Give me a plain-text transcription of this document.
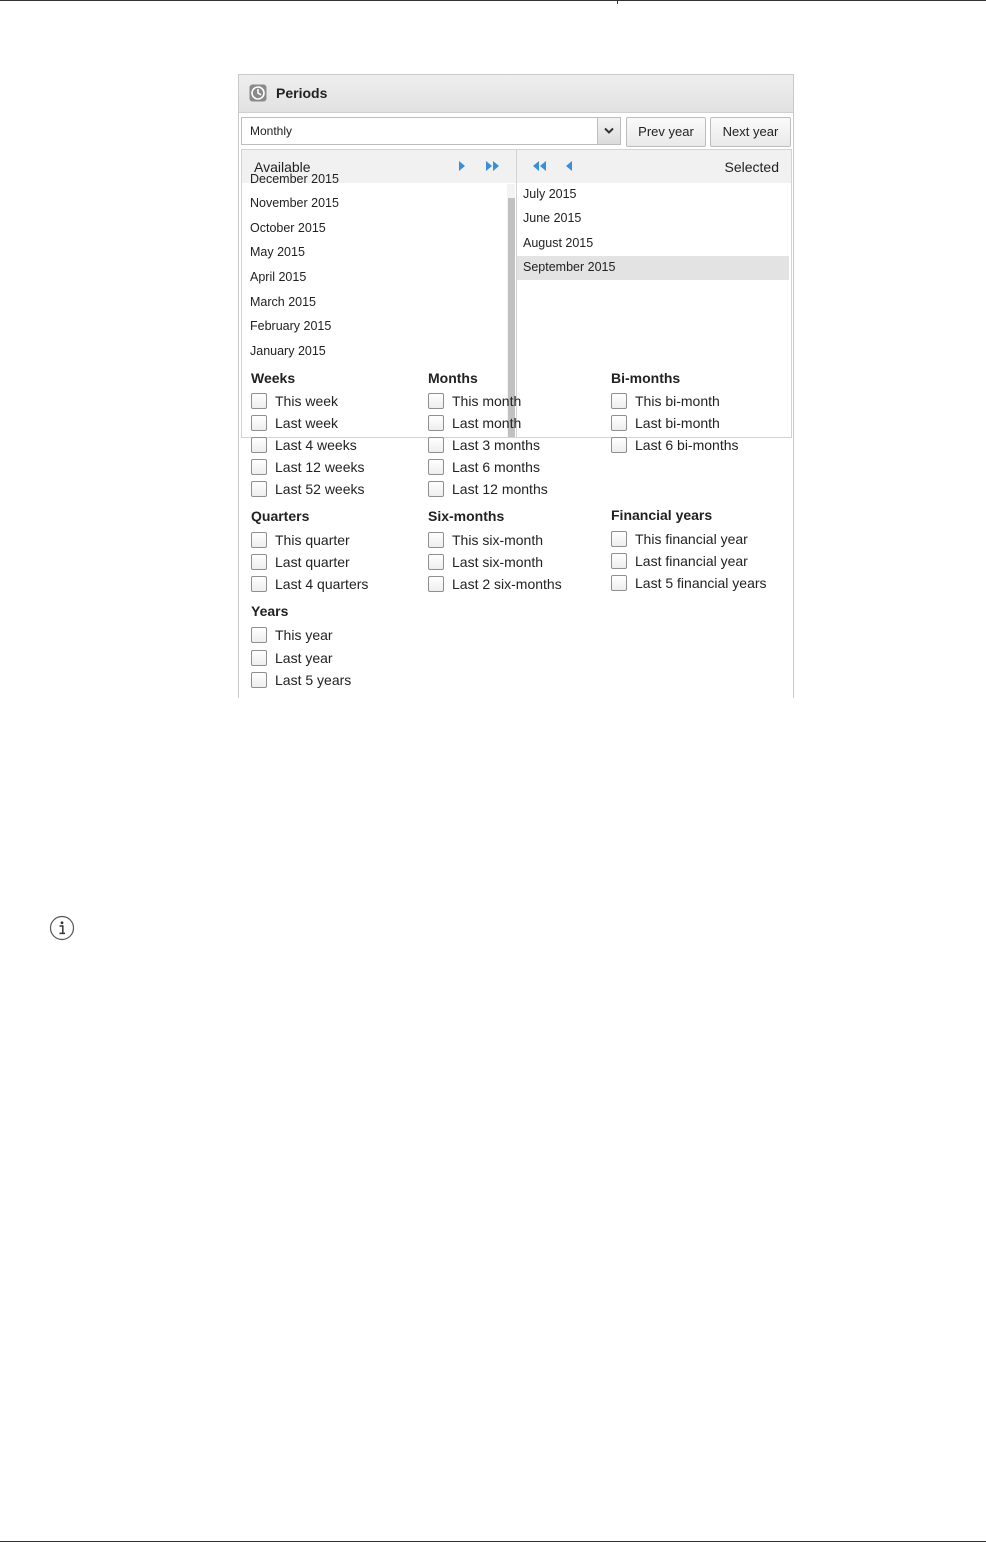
Periods
Monthly	Prev year	Next year
Available
December 2015
November 2015
October 2015
May 2015
April 2015
March 2015
February 2015
January 2015
Selected
July 2015
June 2015
August 2015
September 2015
Weeks
This week
Last week
Last 4 weeks
Last 12 weeks
Last 52 weeks
Quarters
This quarter
Last quarter
Last 4 quarters
Years
This year
Last year
Last 5 years
Months
This month
Last month
Last 3 months
Last 6 months
Last 12 months
Six-months
This six-month
Last six-month
Last 2 six-months
Bi-months
This bi-month
Last bi-month
Last 6 bi-months
Financial years
This financial year
Last financial year
Last 5 financial years
